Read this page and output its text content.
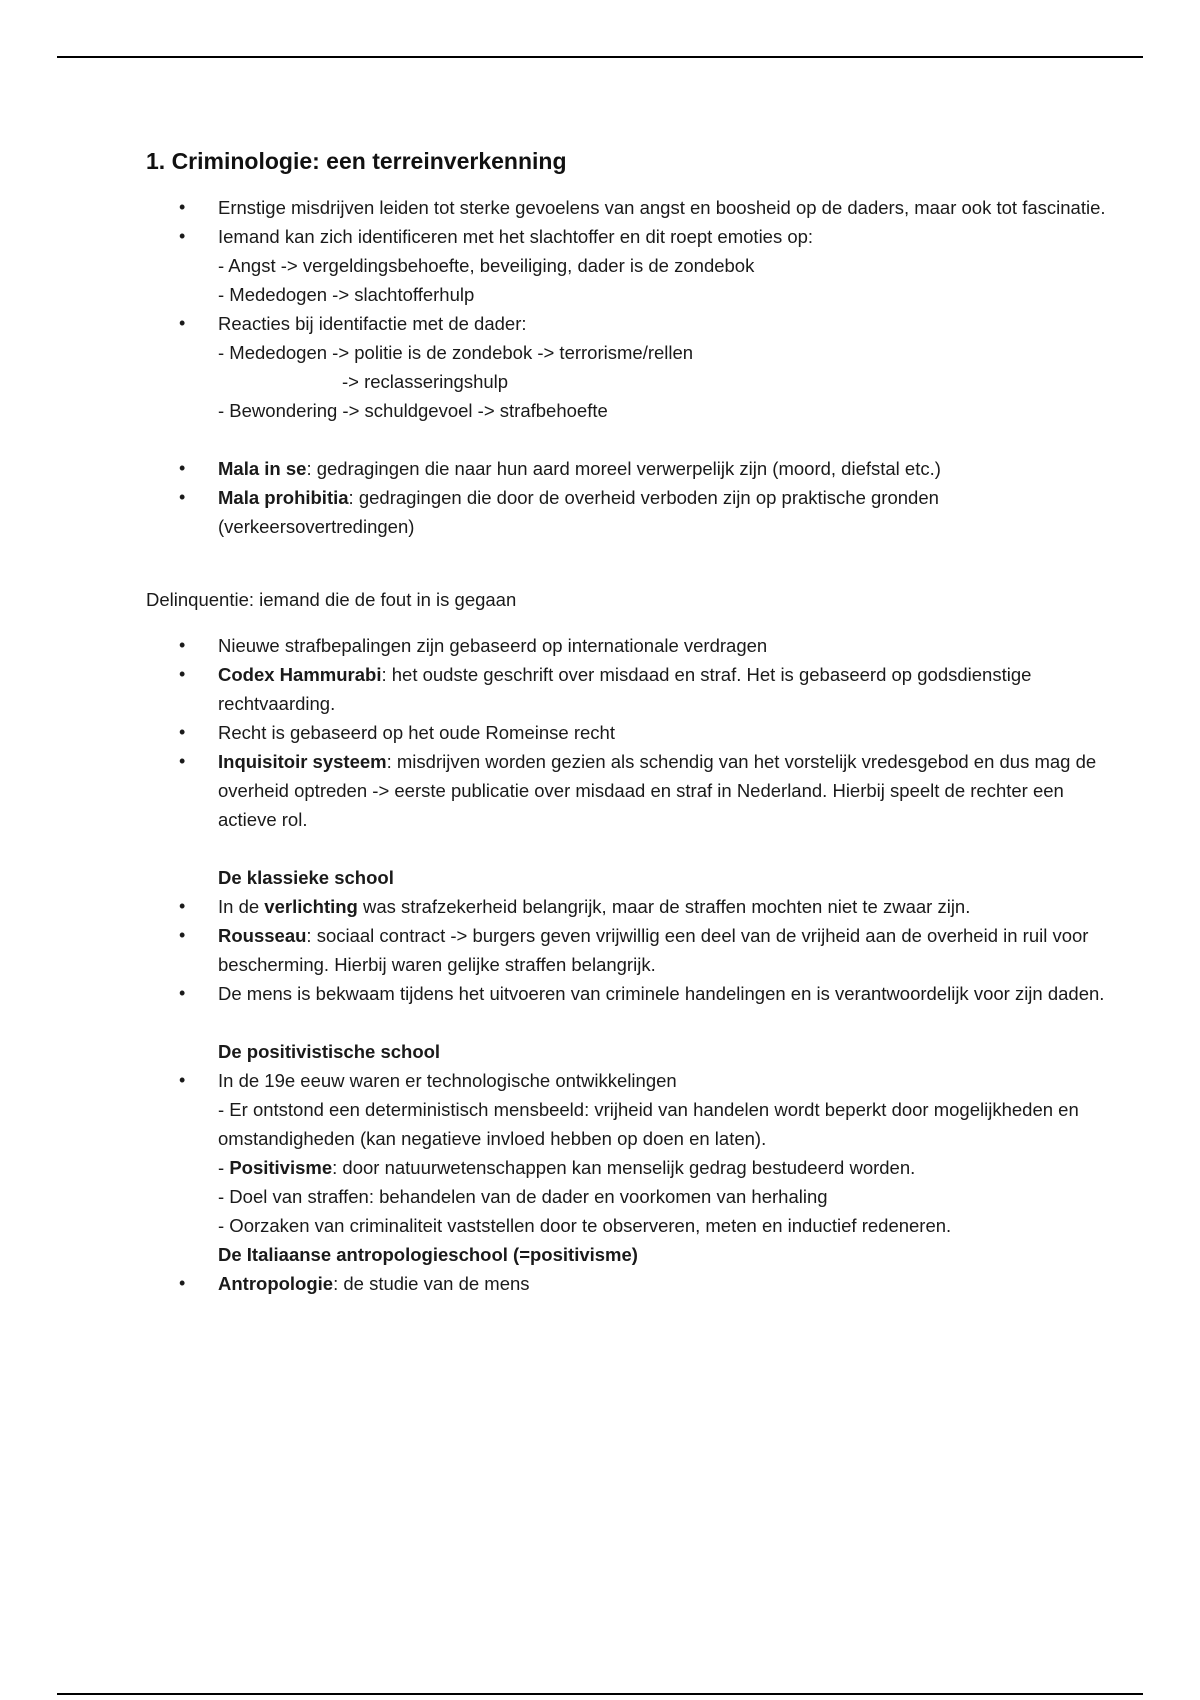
1. Criminologie: een terreinverkenning
• Ernstige misdrijven leiden tot sterke gevoelens van angst en boosheid op de daders, maar ook tot fascinatie.
• Iemand kan zich identificeren met het slachtoffer en dit roept emoties op:
- Angst -> vergeldingsbehoefte, beveiliging, dader is de zondebok
- Mededogen -> slachtofferhulp
• Reacties bij identifactie met de dader:
- Mededogen -> politie is de zondebok -> terrorisme/rellen
-> reclasseringshulp
- Bewondering -> schuldgevoel -> strafbehoefte
• Mala in se: gedragingen die naar hun aard moreel verwerpelijk zijn (moord, diefstal etc.)
• Mala prohibitia: gedragingen die door de overheid verboden zijn op praktische gronden (verkeersovertredingen)
Delinquentie: iemand die de fout in is gegaan
• Nieuwe strafbepalingen zijn gebaseerd op internationale verdragen
• Codex Hammurabi: het oudste geschrift over misdaad en straf. Het is gebaseerd op godsdienstige rechtvaarding.
• Recht is gebaseerd op het oude Romeinse recht
• Inquisitoir systeem: misdrijven worden gezien als schendig van het vorstelijk vredesgebod en dus mag de overheid optreden -> eerste publicatie over misdaad en straf in Nederland. Hierbij speelt de rechter een actieve rol.
De klassieke school
• In de verlichting was strafzekerheid belangrijk, maar de straffen mochten niet te zwaar zijn.
• Rousseau: sociaal contract -> burgers geven vrijwillig een deel van de vrijheid aan de overheid in ruil voor bescherming. Hierbij waren gelijke straffen belangrijk.
• De mens is bekwaam tijdens het uitvoeren van criminele handelingen en is verantwoordelijk voor zijn daden.
De positivistische school
• In de 19e eeuw waren er technologische ontwikkelingen
- Er ontstond een deterministisch mensbeeld: vrijheid van handelen wordt beperkt door mogelijkheden en omstandigheden (kan negatieve invloed hebben op doen en laten).
- Positivisme: door natuurwetenschappen kan menselijk gedrag bestudeerd worden.
- Doel van straffen: behandelen van de dader en voorkomen van herhaling
- Oorzaken van criminaliteit vaststellen door te observeren, meten en inductief redeneren.
De Italiaanse antropologieschool (=positivisme)
• Antropologie: de studie van de mens
